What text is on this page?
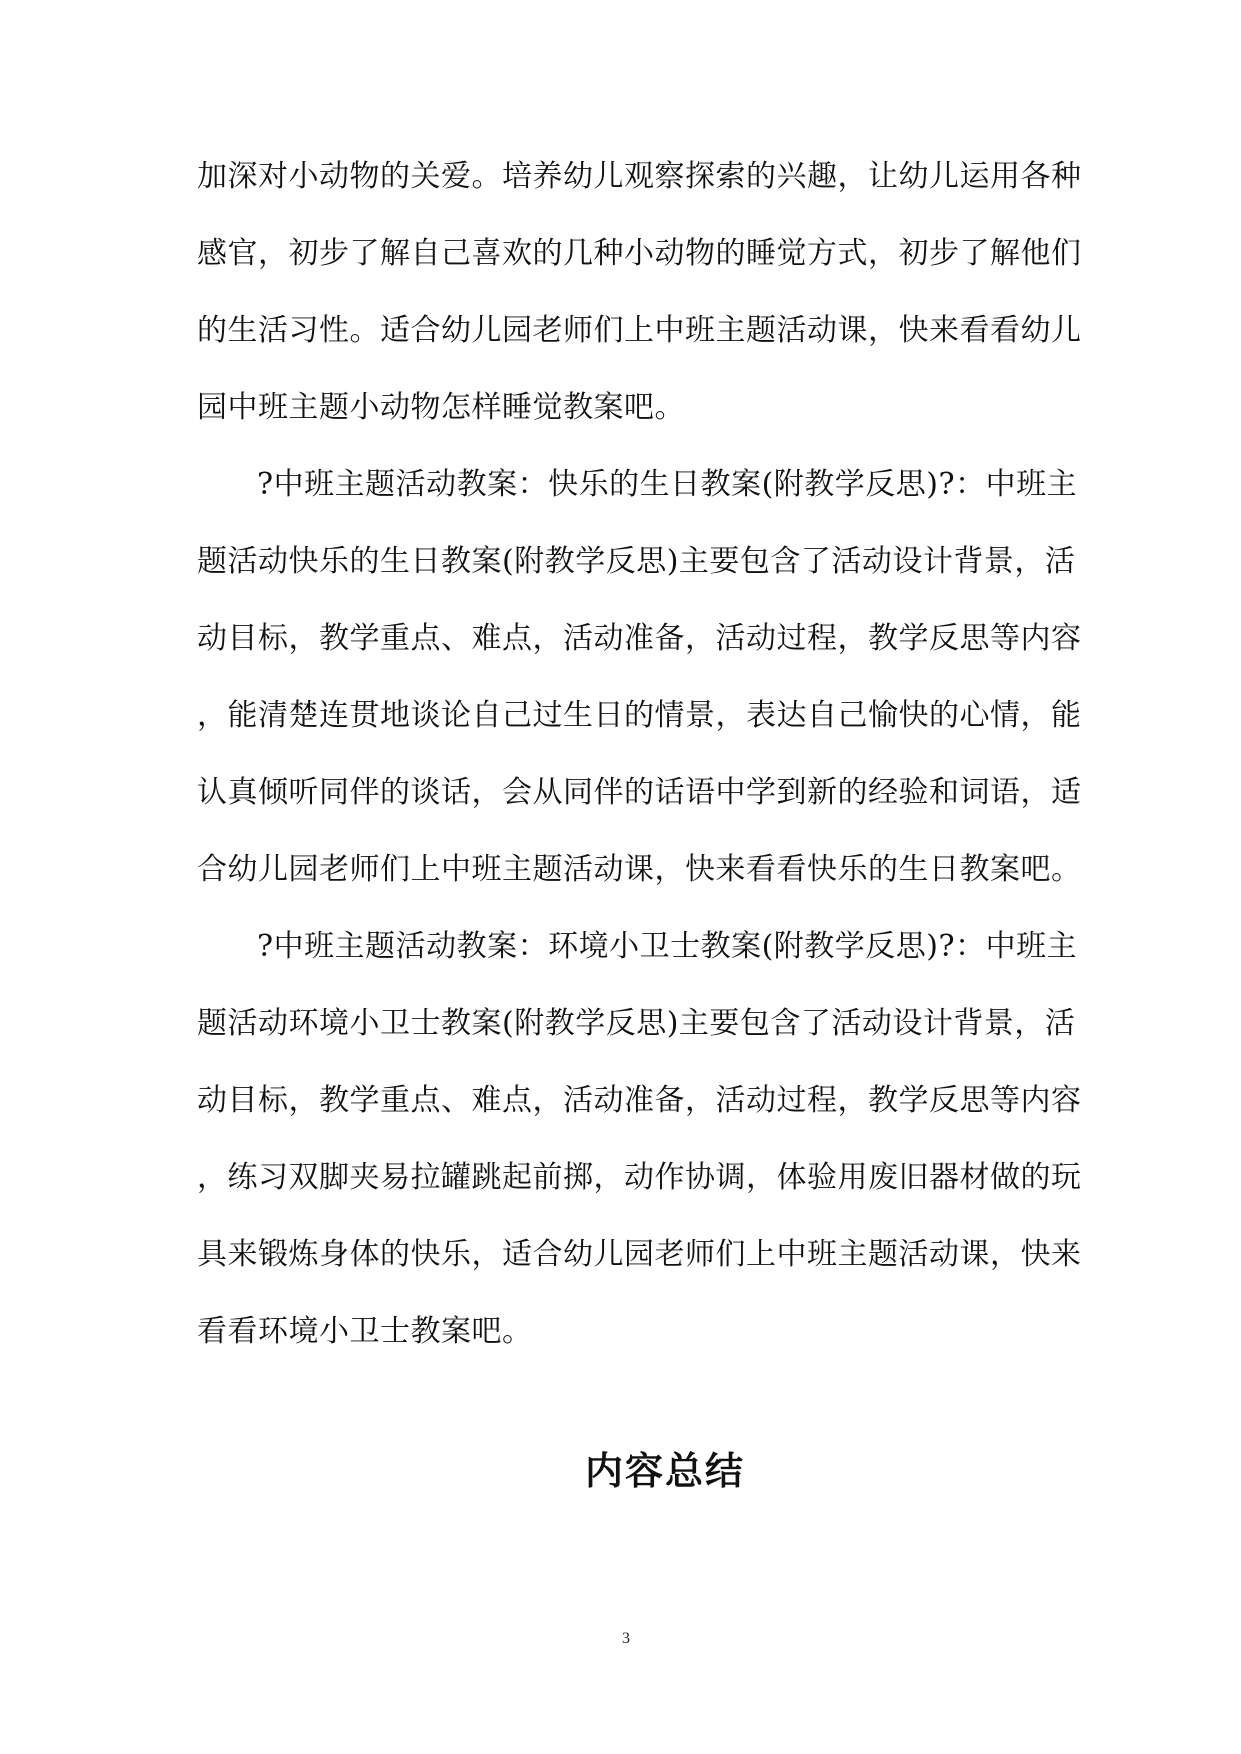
加深对小动物的关爱。培养幼儿观察探索的兴趣，让幼儿运用各种
感官，初步了解自己喜欢的几种小动物的睡觉方式，初步了解他们
的生活习性。适合幼儿园老师们上中班主题活动课，快来看看幼儿
园中班主题小动物怎样睡觉教案吧。
?中班主题活动教案：快乐的生日教案(附教学反思)?：中班主
题活动快乐的生日教案(附教学反思)主要包含了活动设计背景，活
动目标，教学重点、难点，活动准备，活动过程，教学反思等内容
，能清楚连贯地谈论自己过生日的情景，表达自己愉快的心情，能
认真倾听同伴的谈话，会从同伴的话语中学到新的经验和词语，适
合幼儿园老师们上中班主题活动课，快来看看快乐的生日教案吧。
?中班主题活动教案：环境小卫士教案(附教学反思)?：中班主
题活动环境小卫士教案(附教学反思)主要包含了活动设计背景，活
动目标，教学重点、难点，活动准备，活动过程，教学反思等内容
，练习双脚夹易拉罐跳起前掷，动作协调，体验用废旧器材做的玩
具来锻炼身体的快乐，适合幼儿园老师们上中班主题活动课，快来
看看环境小卫士教案吧。
内容总结
3
